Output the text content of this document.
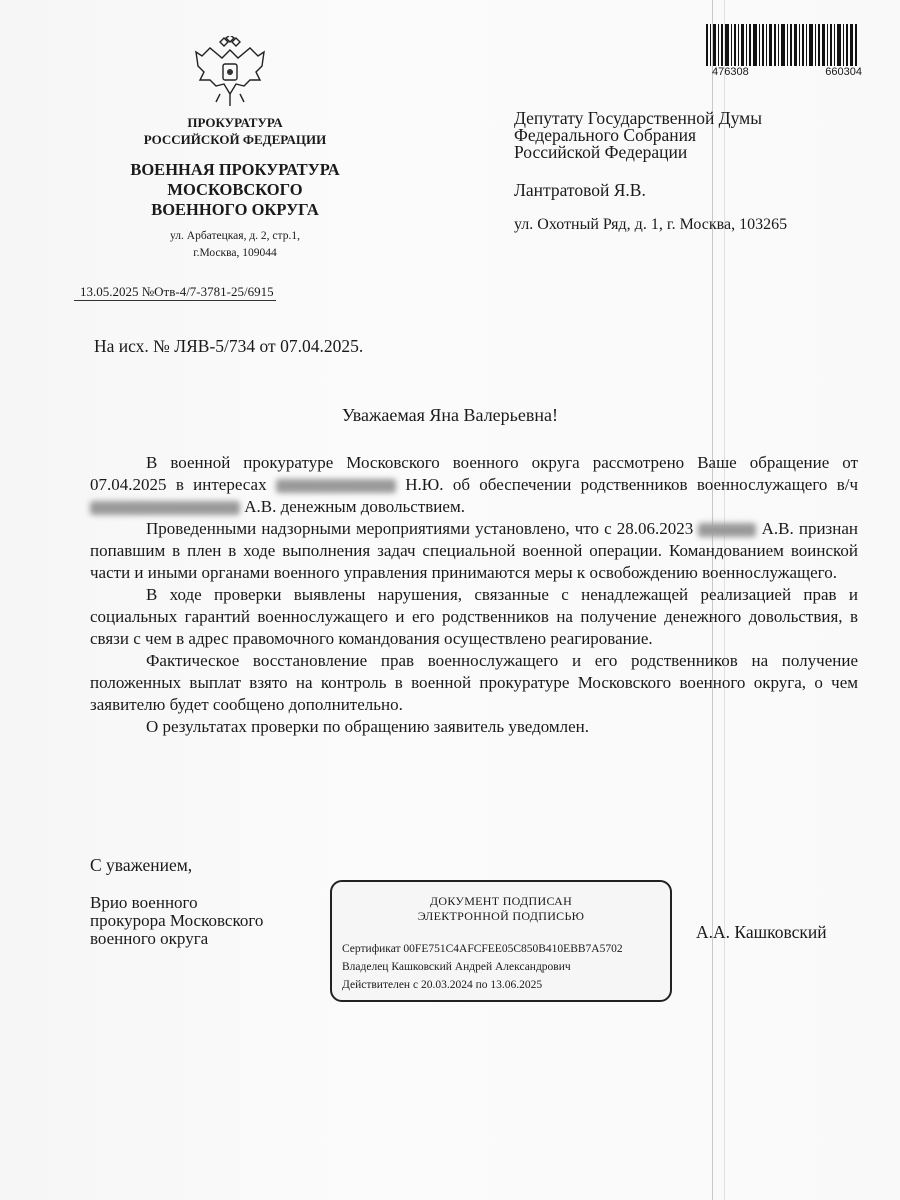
476308	660304
ПРОКУРАТУРА
РОССИЙСКОЙ ФЕДЕРАЦИИ
ВОЕННАЯ ПРОКУРАТУРА
МОСКОВСКОГО
ВОЕННОГО ОКРУГА
ул. Арбатецкая, д. 2, стр.1,
г.Москва, 109044
13.05.2025 №Отв-4/7-3781-25/6915
Депутату Государственной Думы
Федерального Собрания
Российской Федерации
Лантратовой Я.В.
ул. Охотный Ряд, д. 1, г. Москва, 103265
На исх. № ЛЯВ-5/734 от 07.04.2025.
Уважаемая Яна Валерьевна!

В военной прокуратуре Московского военного округа рассмотрено Ваше обращение от 07.04.2025 в интересах	Н.Ю. об обеспечении родственников военнослужащего в/ч  А.В. денежным довольствием.

Проведенными надзорными мероприятиями установлено, что с 28.06.2023	А.В. признан попавшим в плен в ходе выполнения задач специальной военной операции. Командованием воинской части и иными органами военного управления принимаются меры к освобождению военнослужащего.

В ходе проверки выявлены нарушения, связанные с ненадлежащей реализацией прав и социальных гарантий военнослужащего и его родственников на получение денежного довольствия, в связи с чем в адрес правомочного командования осуществлено реагирование.

Фактическое восстановление прав военнослужащего и его родственников на получение положенных выплат взято на контроль в военной прокуратуре Московского военного округа, о чем заявителю будет сообщено дополнительно.

О результатах проверки по обращению заявитель уведомлен.

С уважением,
Врио военного
прокурора Московского
военного округа
ДОКУМЕНТ ПОДПИСАН
ЭЛЕКТРОННОЙ ПОДПИСЬЮ
Сертификат 00FE751C4AFCFEE05C850B410EBB7A5702
Владелец Кашковский Андрей Александрович
Действителен с 20.03.2024 по 13.06.2025
А.А. Кашковский
